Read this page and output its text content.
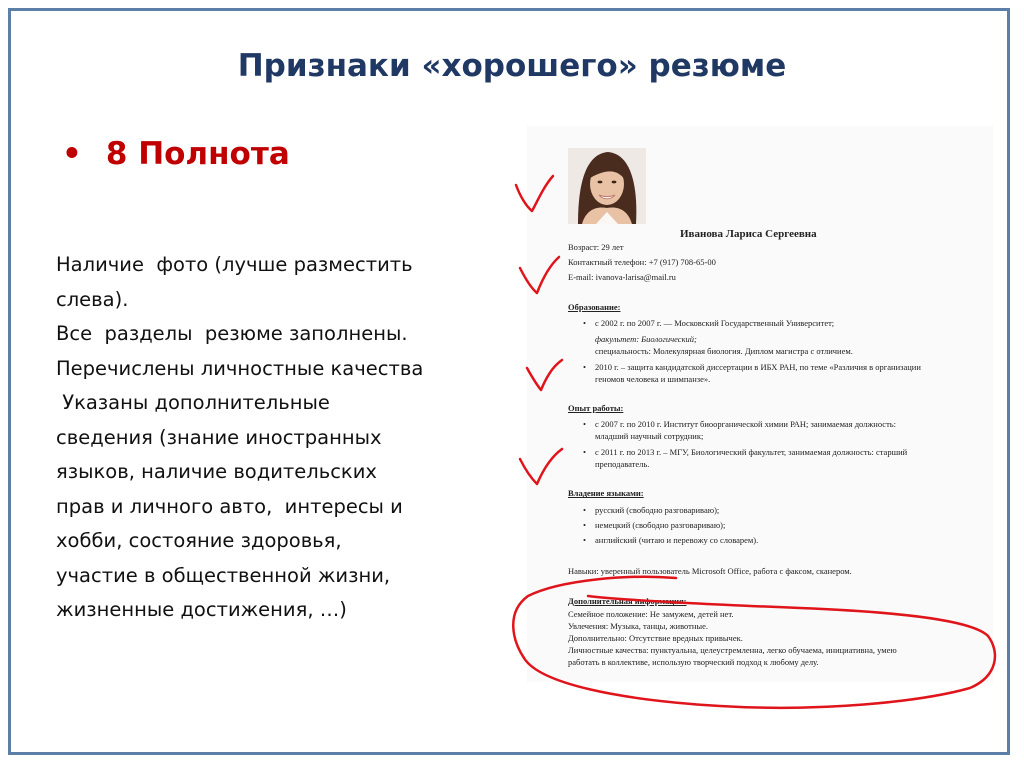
Признаки «хорошего» резюме
• 8 Полнота
Наличие  фото (лучше разместить
слева).
Все  разделы  резюме заполнены.
Перечислены личностные качества
Указаны дополнительные
сведения (знание иностранных
языков, наличие водительских
прав и личного авто,  интересы и
хобби, состояние здоровья,
участие в общественной жизни,
жизненные достижения, …)
Иванова Лариса Сергеевна
Возраст: 29 лет
Контактный телефон: +7 (917) 708-65-00
E-mail: ivanova-larisa@mail.ru
Образование:
• с 2002 г. по 2007 г. — Московский Государственный Университет;
факультет: Биологический;
специальность: Молекулярная биология. Диплом магистра с отличием.
• 2010 г. – защита кандидатской диссертации в ИБХ РАН, по теме «Различия в организации
геномов человека и шимпанзе».
Опыт работы:
• с 2007 г. по 2010 г. Институт биоорганической химии РАН; занимаемая должность:
младший научный сотрудник;
• с 2011 г. по 2013 г. – МГУ, Биологический факультет, занимаемая должность: старший
преподаватель.
Владение языками:
• русский (свободно разговариваю);
• немецкий (свободно разговариваю);
• английский (читаю и перевожу со словарем).
Навыки: уверенный пользователь Microsoft Office, работа с факсом, сканером.
Дополнительная информация:
Семейное положение: Не замужем, детей нет.
Увлечения: Музыка, танцы, животные.
Дополнительно: Отсутствие вредных привычек.
Личностные качества: пунктуальна, целеустремленна, легко обучаема, инициативна, умею
работать в коллективе, использую творческий подход к любому делу.
